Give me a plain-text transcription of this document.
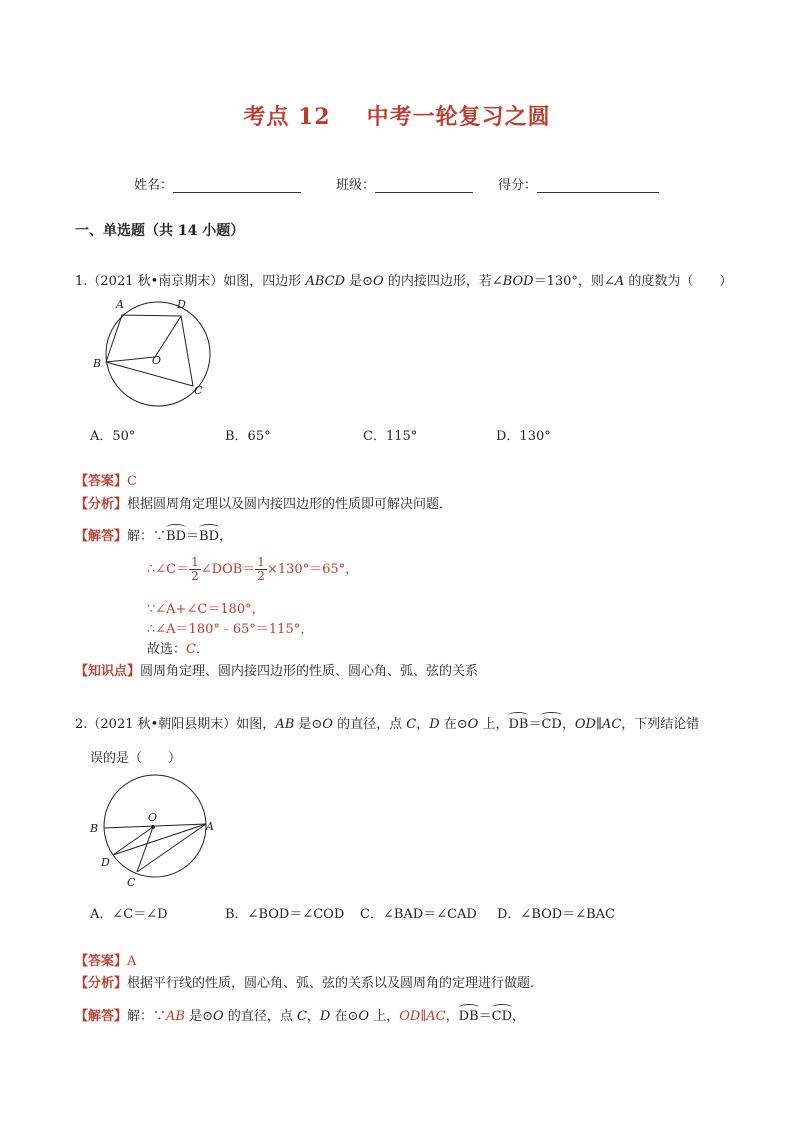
考点 12 中考一轮复习之圆
姓名：	班级：	得分：
一、单选题（共 14 小题）
1.（2021 秋•南京期末）如图，四边形 ABCD 是⊙O 的内接四边形，若∠BOD＝130°，则∠A 的度数为（　　）
A	D
B	O
C
A．50°	B．65°	C．115°	D．130°
【答案】C
【分析】根据圆周角定理以及圆内接四边形的性质即可解决问题．
【解答】解：∵BD＝BD，
∴∠C＝ $\frac{1}{2}$ ∠DOB＝ $\frac{1}{2} \times 130^\circ=65^\circ$，
∵∠A+∠C＝180°，
∴∠A＝180°﹣65°＝115°，
故选：C．
【知识点】圆周角定理、圆内接四边形的性质、圆心角、弧、弦的关系
2.（2021 秋•朝阳县期末）如图，AB 是⊙O 的直径，点 C，D 在⊙O 上，DB＝CD，OD∥AC，下列结论错
误的是（　　）
O
B	A
D
C
A．∠C＝∠D	B．∠BOD＝∠COD C．∠BAD＝∠CAD D．∠BOD＝∠BAC
【答案】A
【分析】根据平行线的性质，圆心角、弧、弦的关系以及圆周角的定理进行做题．
【解答】解：∵AB 是⊙O 的直径，点 C，D 在⊙O 上，OD∥AC，DB＝CD，
